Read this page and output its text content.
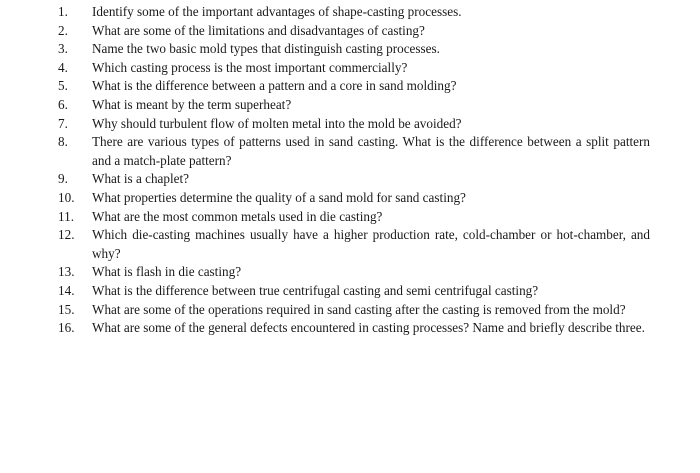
1.	Identify some of the important advantages of shape-casting processes.
2.	What are some of the limitations and disadvantages of casting?
3.	Name the two basic mold types that distinguish casting processes.
4.	Which casting process is the most important commercially?
5.	What is the difference between a pattern and a core in sand molding?
6.	What is meant by the term superheat?
7.	Why should turbulent flow of molten metal into the mold be avoided?
8.	There are various types of patterns used in sand casting. What is the difference between a split pattern and a match-plate pattern?
9.	What is a chaplet?
10.	What properties determine the quality of a sand mold for sand casting?
11.	What are the most common metals used in die casting?
12.	Which die-casting machines usually have a higher production rate, cold-chamber or hot-chamber, and why?
13.	What is flash in die casting?
14.	What is the difference between true centrifugal casting and semi centrifugal casting?
15.	What are some of the operations required in sand casting after the casting is removed from the mold?
16.	What are some of the general defects encountered in casting processes? Name and briefly describe three.
